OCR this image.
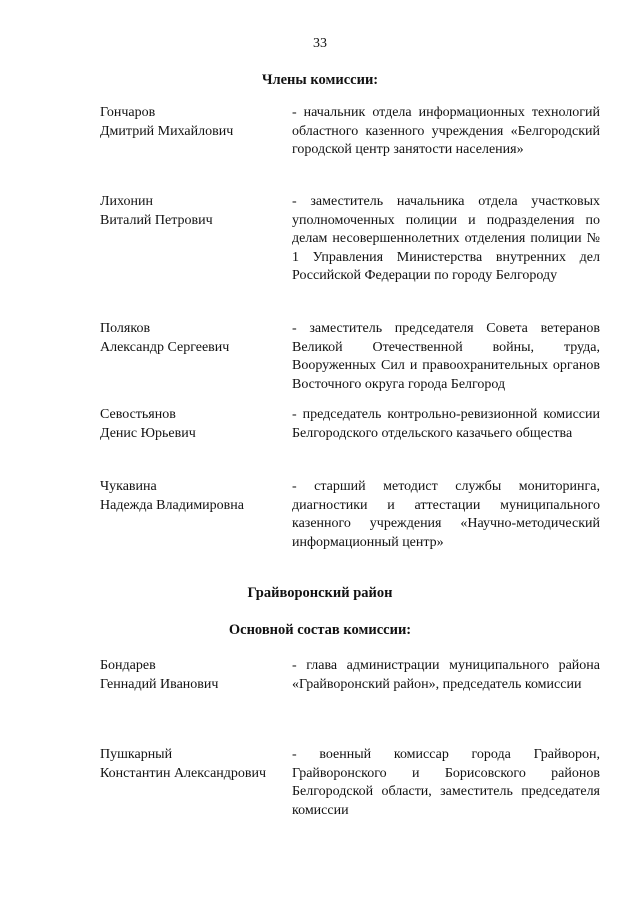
33
Члены комиссии:
Гончаров
Дмитрий Михайлович
- начальник отдела информационных технологий областного казенного учреждения «Белгородский городской центр занятости населения»
Лихонин
Виталий Петрович
- заместитель начальника отдела участковых уполномоченных полиции и подразделения по делам несовершеннолетних отделения полиции № 1 Управления Министерства внутренних дел Российской Федерации по городу Белгороду
Поляков
Александр Сергеевич
- заместитель председателя Совета ветеранов Великой Отечественной войны, труда, Вооруженных Сил и правоохранительных органов Восточного округа города Белгород
Севостьянов
Денис Юрьевич
- председатель контрольно-ревизионной комиссии Белгородского отдельского казачьего общества
Чукавина
Надежда Владимировна
- старший методист службы мониторинга, диагностики и аттестации муниципального казенного учреждения «Научно-методический информационный центр»
Грайворонский район
Основной состав комиссии:
Бондарев
Геннадий Иванович
- глава администрации муниципального района «Грайворонский район», председатель комиссии
Пушкарный
Константин Александрович
- военный комиссар города Грайворон, Грайворонского и Борисовского районов Белгородской области, заместитель председателя комиссии
